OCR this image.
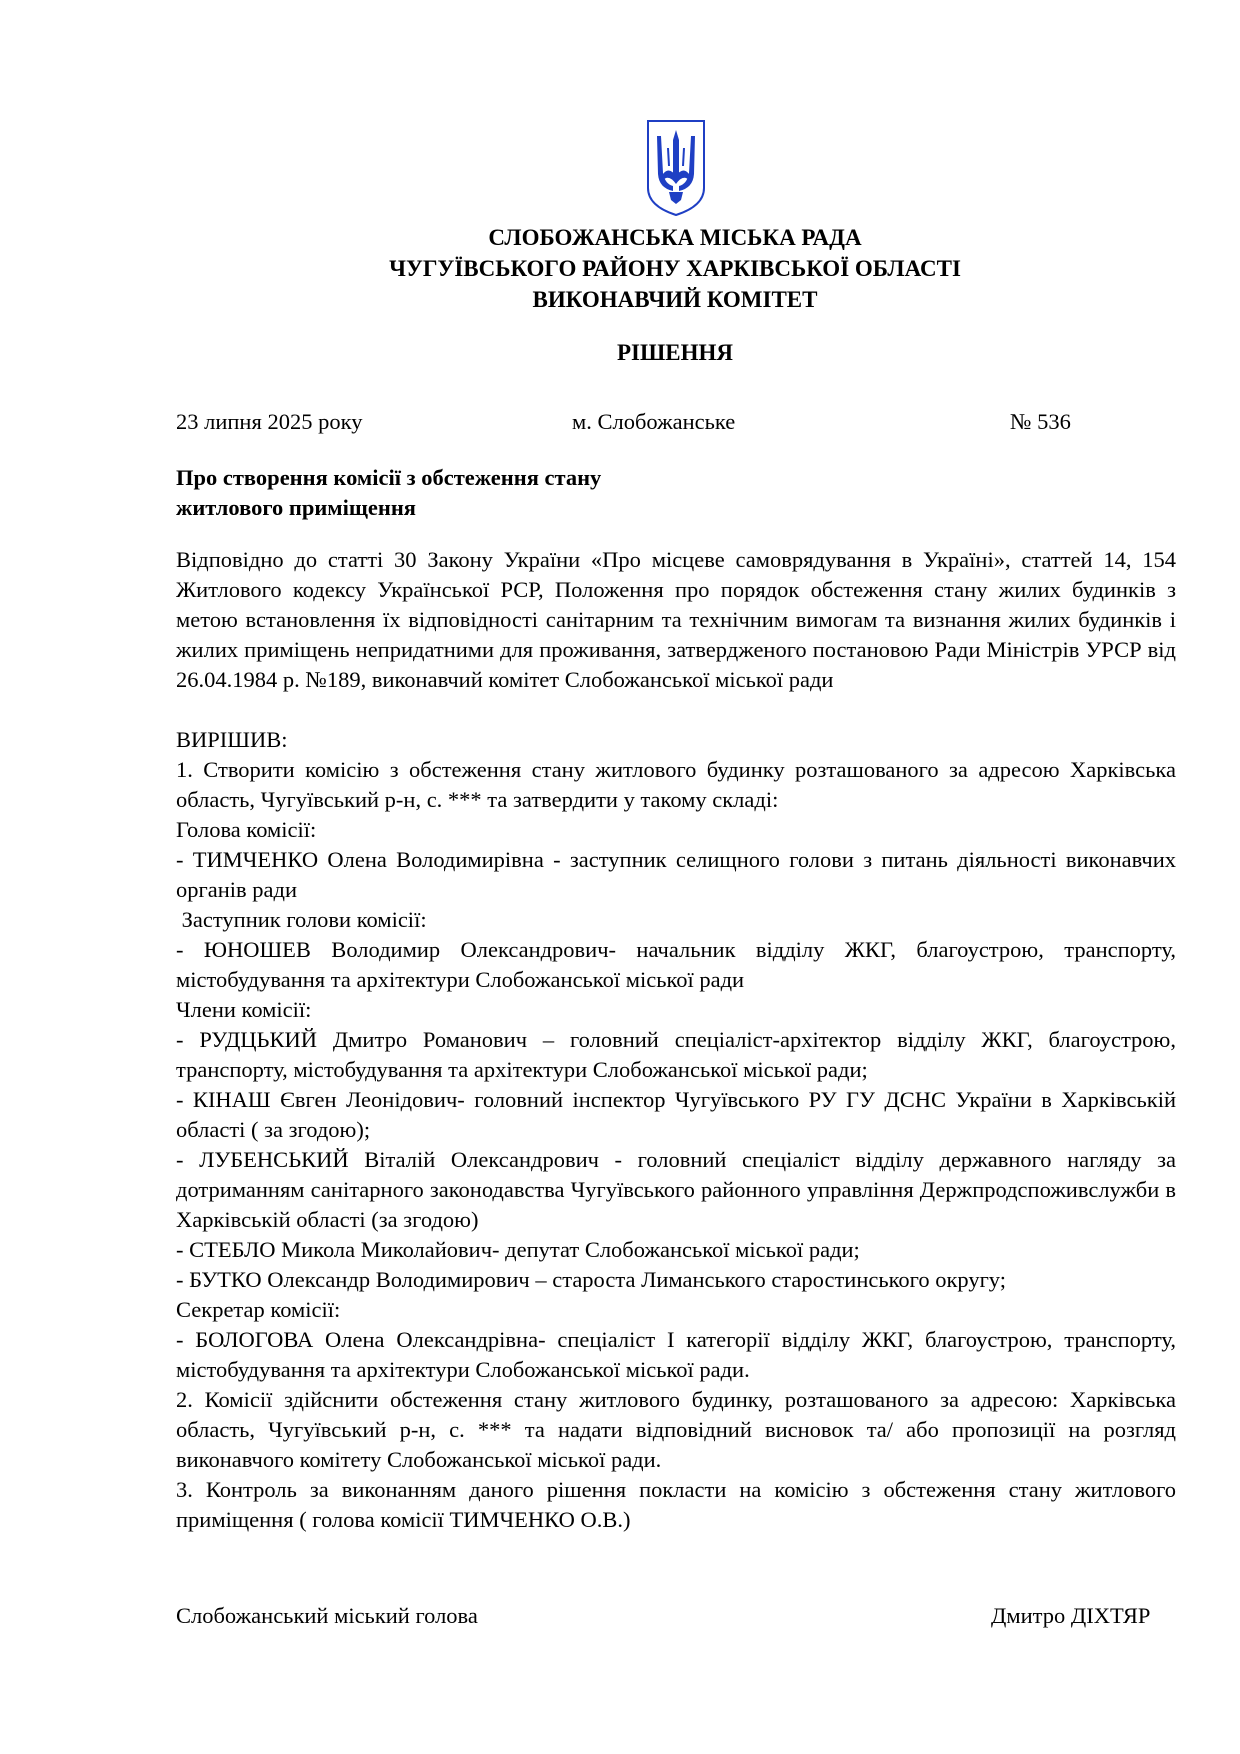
СЛОБОЖАНСЬКА МІСЬКА РАДА
ЧУГУЇВСЬКОГО РАЙОНУ ХАРКІВСЬКОЇ ОБЛАСТІ
ВИКОНАВЧИЙ КОМІТЕТ
РІШЕННЯ
23 липня 2025 року	м. Слобожанське	№ 536
Про створення комісії з обстеження стану
житлового приміщення

Відповідно до статті 30 Закону України «Про місцеве самоврядування в Україні», статтей 14, 154 Житлового кодексу Української РСР, Положення про порядок обстеження стану жилих будинків з метою встановлення їх відповідності санітарним та технічним вимогам та визнання жилих будинків і жилих приміщень непридатними для проживання, затвердженого постановою Ради Міністрів УРСР від 26.04.1984 р. №189, виконавчий комітет Слобожанської міської ради

ВИРІШИВ:

1. Створити комісію з обстеження стану житлового будинку розташованого за адресою Харківська область, Чугуївський р-н, с. *** та затвердити у такому складі:

Голова комісії:

- ТИМЧЕНКО Олена Володимирівна - заступник селищного голови з питань діяльності виконавчих органів ради

Заступник голови комісії:

- ЮНОШЕВ Володимир Олександрович- начальник відділу ЖКГ, благоустрою, транспорту, містобудування та архітектури Слобожанської міської ради

Члени комісії:

- РУДЦЬКИЙ Дмитро Романович – головний спеціаліст-архітектор відділу ЖКГ, благоустрою, транспорту, містобудування та архітектури Слобожанської міської ради;

- КІНАШ Євген Леонідович- головний інспектор Чугуївського РУ ГУ ДСНС України в Харківській області ( за згодою);

- ЛУБЕНСЬКИЙ Віталій Олександрович - головний спеціаліст відділу державного нагляду за дотриманням санітарного законодавства Чугуївського районного управління Держпродспоживслужби в Харківській області (за згодою)

- СТЕБЛО Микола Миколайович- депутат Слобожанської міської ради;

- БУТКО Олександр Володимирович – староста Лиманського старостинського округу;

Секретар комісії:

- БОЛОГОВА Олена Олександрівна- спеціаліст І категорії відділу ЖКГ, благоустрою, транспорту, містобудування та архітектури Слобожанської міської ради.

2. Комісії здійснити обстеження стану житлового будинку, розташованого за адресою: Харківська область, Чугуївський р-н, с. *** та надати відповідний висновок та/ або пропозиції на розгляд виконавчого комітету Слобожанської міської ради.

3. Контроль за виконанням даного рішення покласти на комісію з обстеження стану житлового приміщення ( голова комісії ТИМЧЕНКО О.В.)

Слобожанський міський голова	Дмитро ДІХТЯР
